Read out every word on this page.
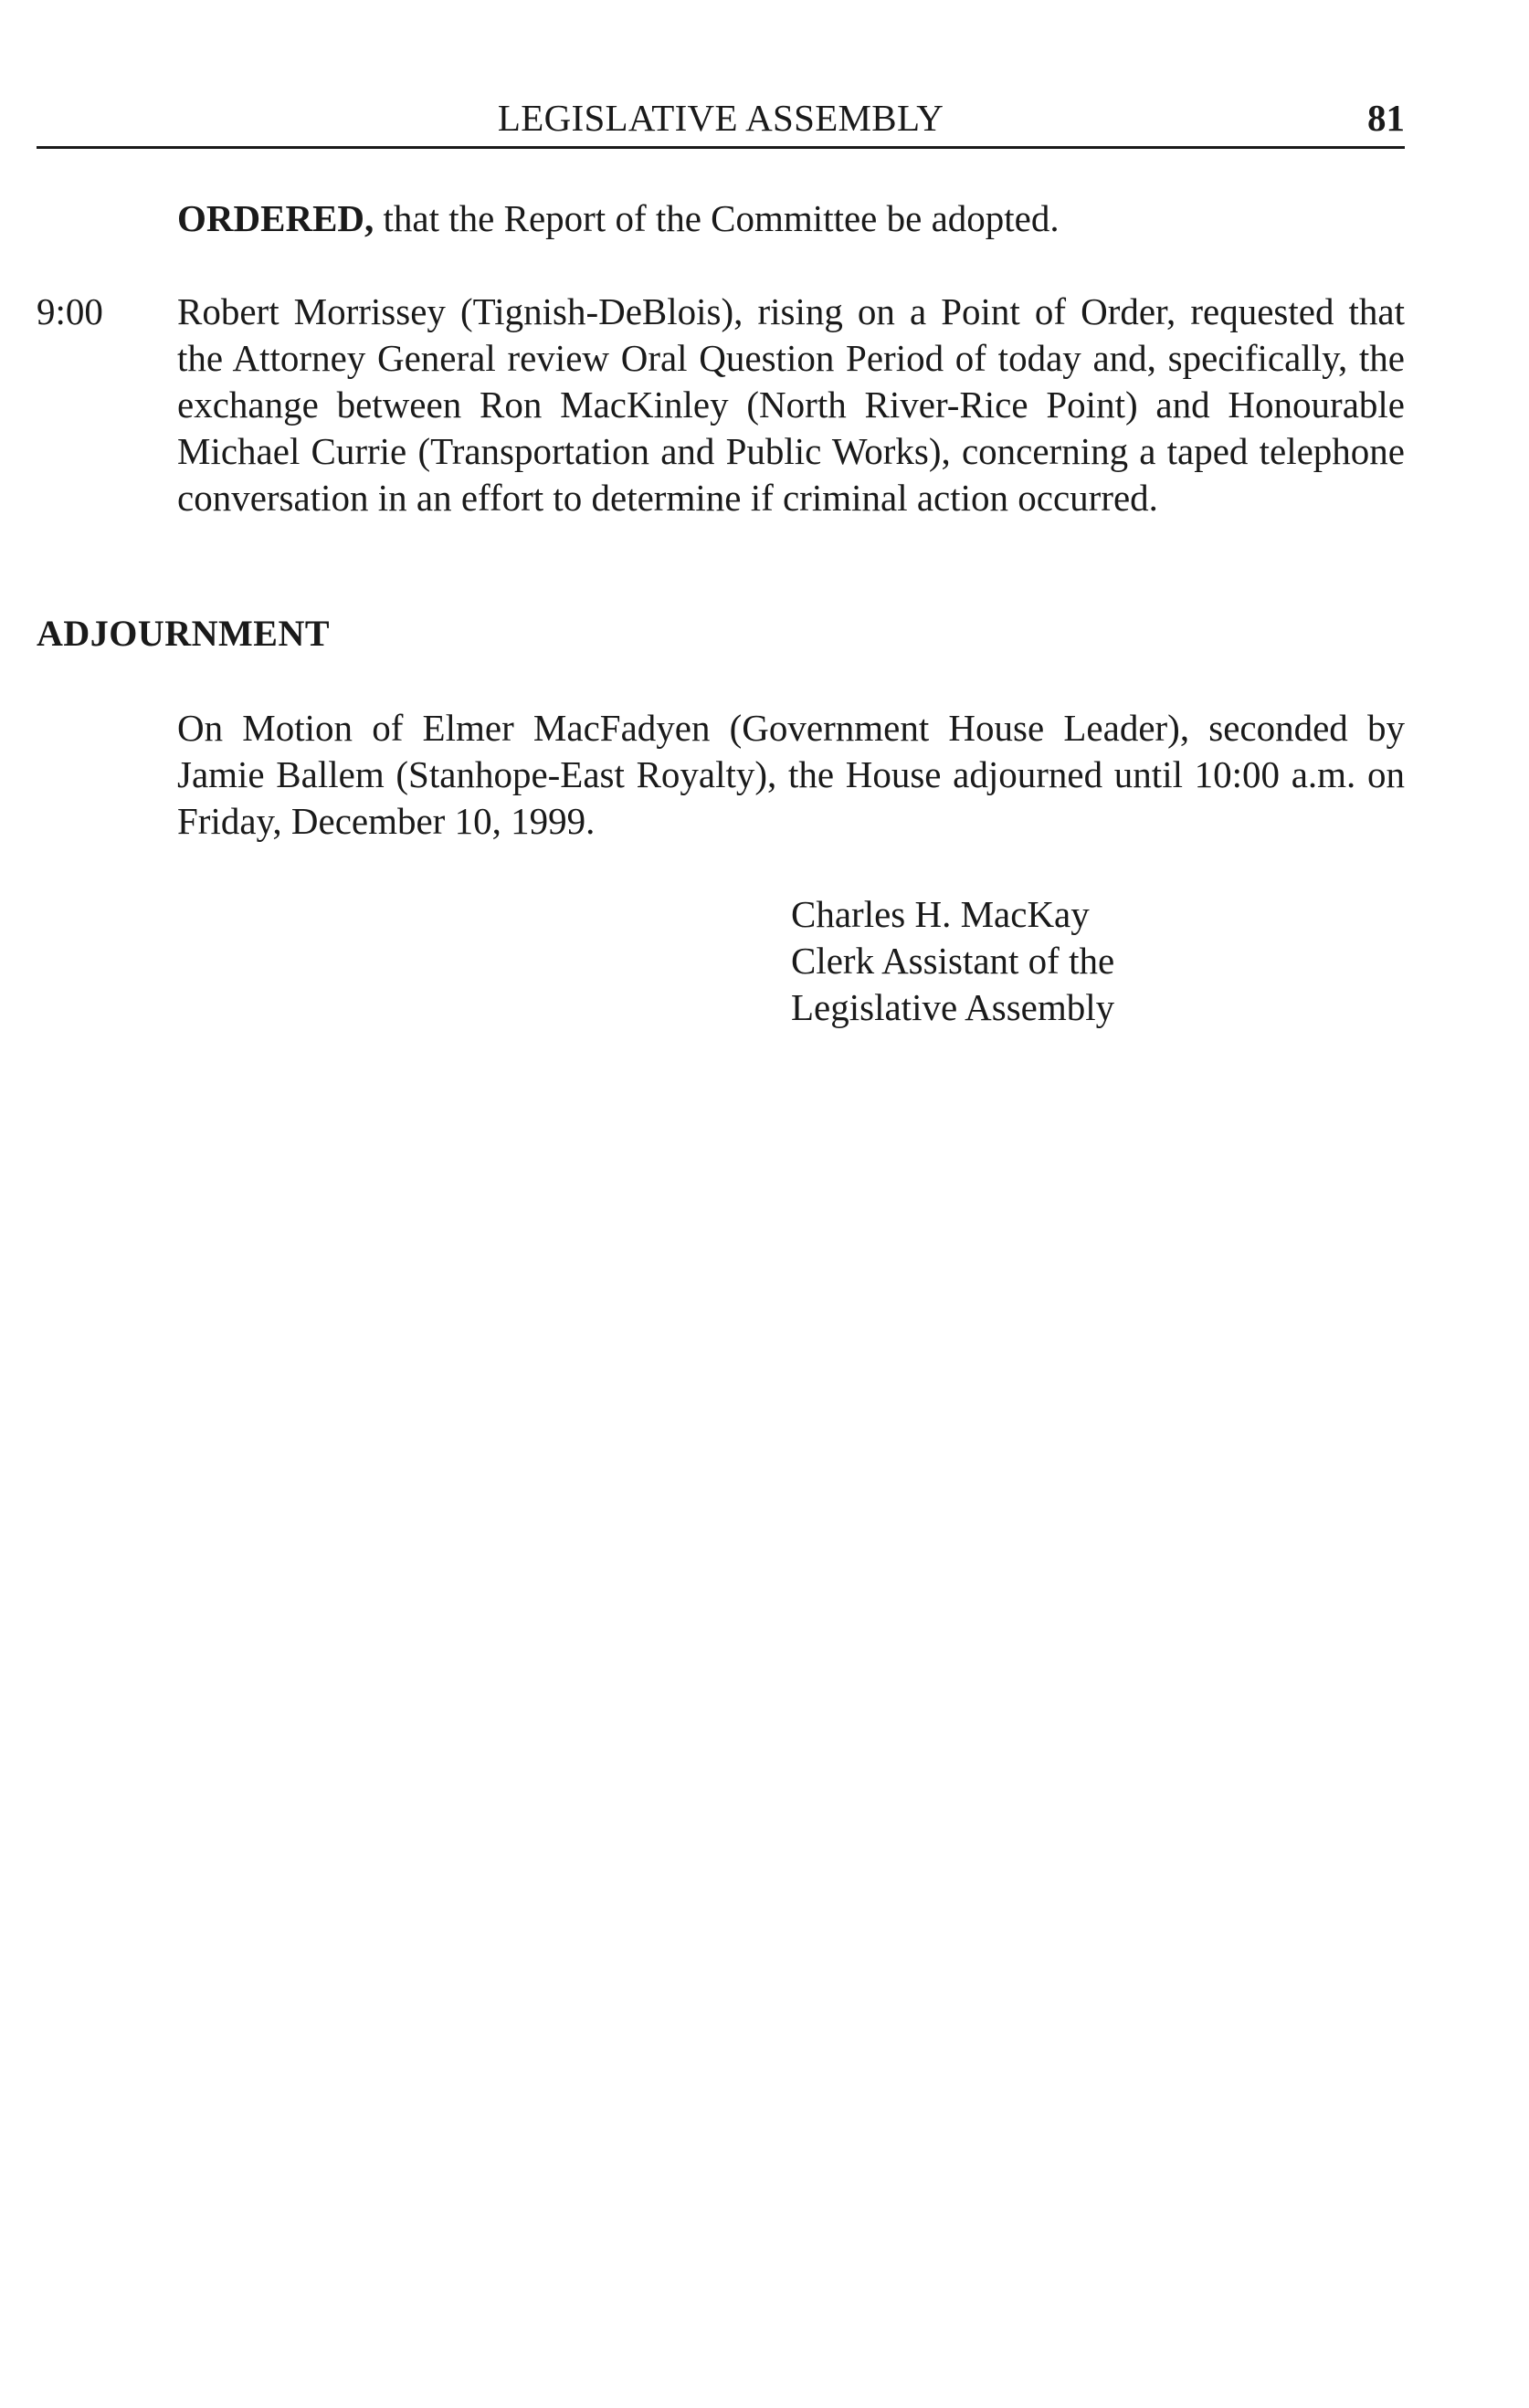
LEGISLATIVE ASSEMBLY	81
ORDERED, that the Report of the Committee be adopted.
9:00 Robert Morrissey (Tignish-DeBlois), rising on a Point of Order, requested that the Attorney General review Oral Question Period of today and, specifically, the exchange between Ron MacKinley (North River-Rice Point) and Honourable Michael Currie (Transportation and Public Works), concerning a taped telephone conversation in an effort to determine if criminal action occurred.
ADJOURNMENT
On Motion of Elmer MacFadyen (Government House Leader), seconded by Jamie Ballem (Stanhope-East Royalty), the House adjourned until 10:00 a.m. on Friday, December 10, 1999.
Charles H. MacKay
Clerk Assistant of the
Legislative Assembly
